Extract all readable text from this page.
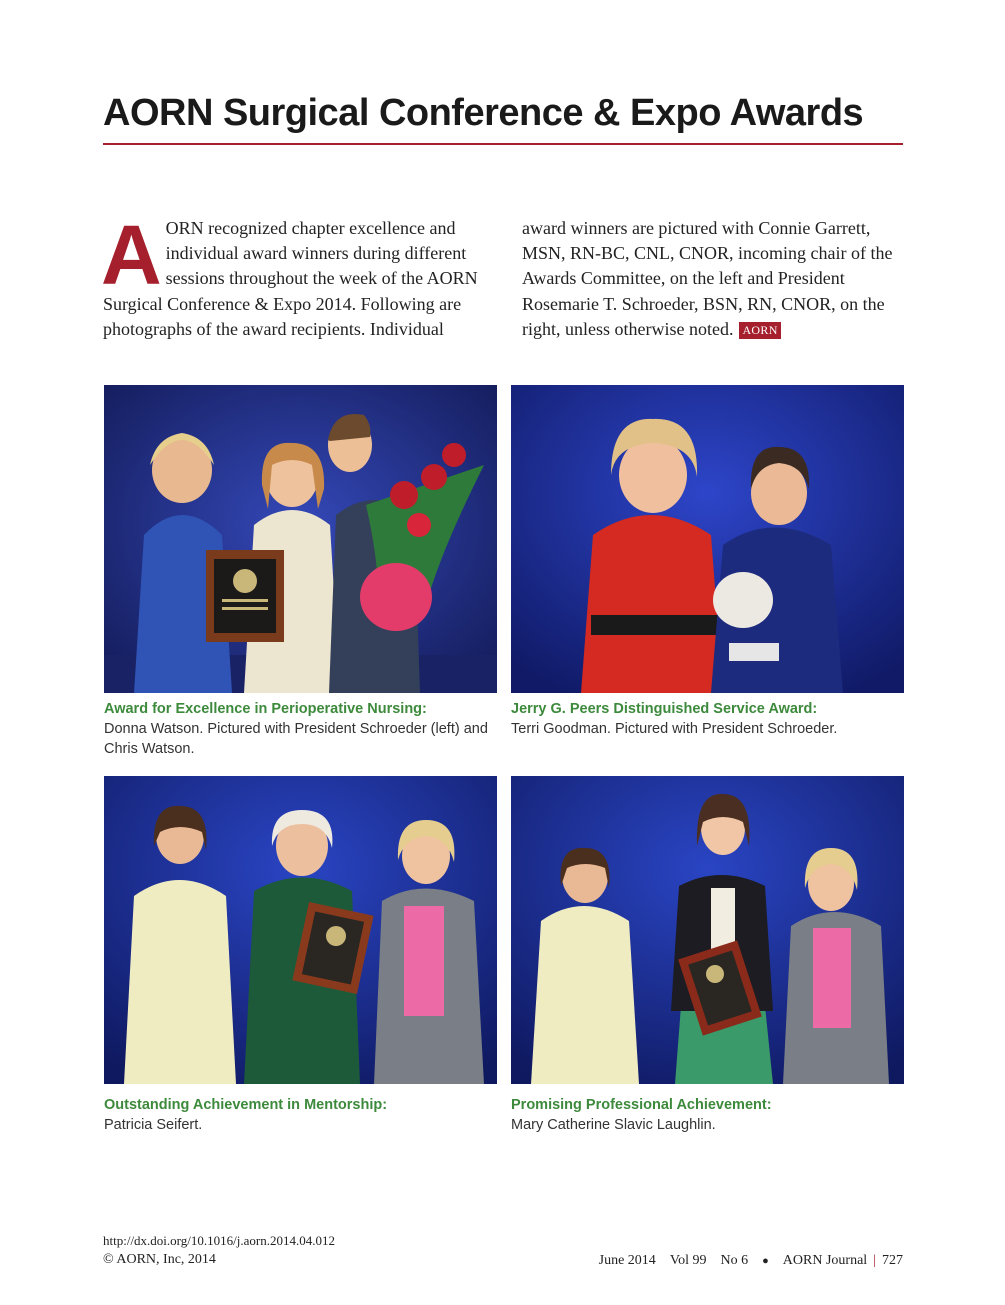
AORN Surgical Conference & Expo Awards
AORN recognized chapter excellence and individual award winners during different sessions throughout the week of the AORN Surgical Conference & Expo 2014. Following are photographs of the award recipients. Individual
award winners are pictured with Connie Garrett, MSN, RN-BC, CNL, CNOR, incoming chair of the Awards Committee, on the left and President Rosemarie T. Schroeder, BSN, RN, CNOR, on the right, unless otherwise noted. AORN
Award for Excellence in Perioperative Nursing:
Donna Watson. Pictured with President Schroeder (left) and Chris Watson.
Jerry G. Peers Distinguished Service Award:
Terri Goodman. Pictured with President Schroeder.
Outstanding Achievement in Mentorship:
Patricia Seifert.
Promising Professional Achievement:
Mary Catherine Slavic Laughlin.
http://dx.doi.org/10.1016/j.aorn.2014.04.012
© AORN, Inc, 2014	June 2014 Vol 99 No 6 ● AORN Journal | 727
